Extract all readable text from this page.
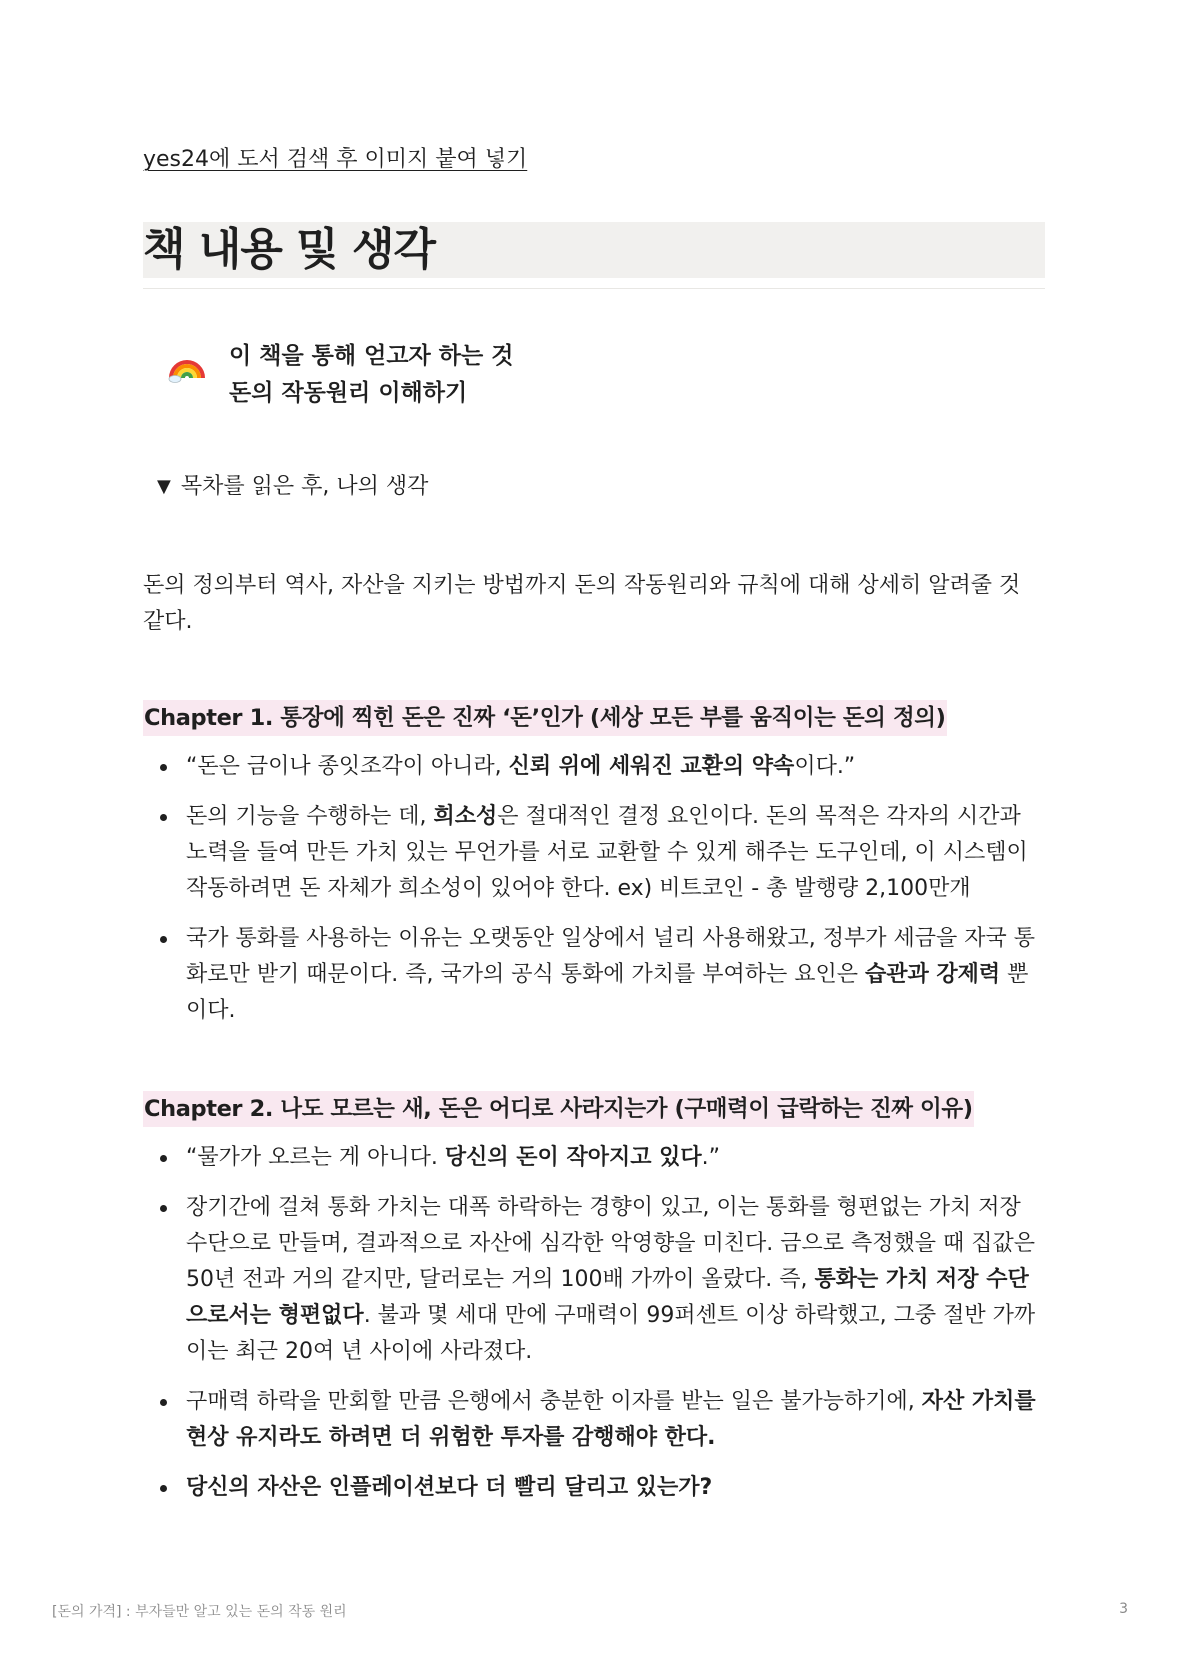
yes24에 도서 검색 후 이미지 붙여 넣기
책 내용 및 생각
이 책을 통해 얻고자 하는 것
돈의 작동원리 이해하기
▼ 목차를 읽은 후, 나의 생각
돈의 정의부터 역사, 자산을 지키는 방법까지 돈의 작동원리와 규칙에 대해 상세히 알려줄 것 같다.
Chapter 1. 통장에 찍힌 돈은 진짜 ‘돈’인가 (세상 모든 부를 움직이는 돈의 정의)
“돈은 금이나 종잇조각이 아니라, 신뢰 위에 세워진 교환의 약속이다.”
돈의 기능을 수행하는 데, 희소성은 절대적인 결정 요인이다. 돈의 목적은 각자의 시간과 노력을 들여 만든 가치 있는 무언가를 서로 교환할 수 있게 해주는 도구인데, 이 시스템이 작동하려면 돈 자체가 희소성이 있어야 한다. ex) 비트코인 - 총 발행량 2,100만개
국가 통화를 사용하는 이유는 오랫동안 일상에서 널리 사용해왔고, 정부가 세금을 자국 통화로만 받기 때문이다. 즉, 국가의 공식 통화에 가치를 부여하는 요인은 습관과 강제력 뿐이다.
Chapter 2. 나도 모르는 새, 돈은 어디로 사라지는가 (구매력이 급락하는 진짜 이유)
“물가가 오르는 게 아니다. 당신의 돈이 작아지고 있다.”
장기간에 걸쳐 통화 가치는 대폭 하락하는 경향이 있고, 이는 통화를 형편없는 가치 저장 수단으로 만들며, 결과적으로 자산에 심각한 악영향을 미친다. 금으로 측정했을 때 집값은 50년 전과 거의 같지만, 달러로는 거의 100배 가까이 올랐다. 즉, 통화는 가치 저장 수단으로서는 형편없다. 불과 몇 세대 만에 구매력이 99퍼센트 이상 하락했고, 그중 절반 가까이는 최근 20여 년 사이에 사라졌다.
구매력 하락을 만회할 만큼 은행에서 충분한 이자를 받는 일은 불가능하기에, 자산 가치를 현상 유지라도 하려면 더 위험한 투자를 감행해야 한다.
당신의 자산은 인플레이션보다 더 빨리 달리고 있는가?
[돈의 가격] : 부자들만 알고 있는 돈의 작동 원리	3
